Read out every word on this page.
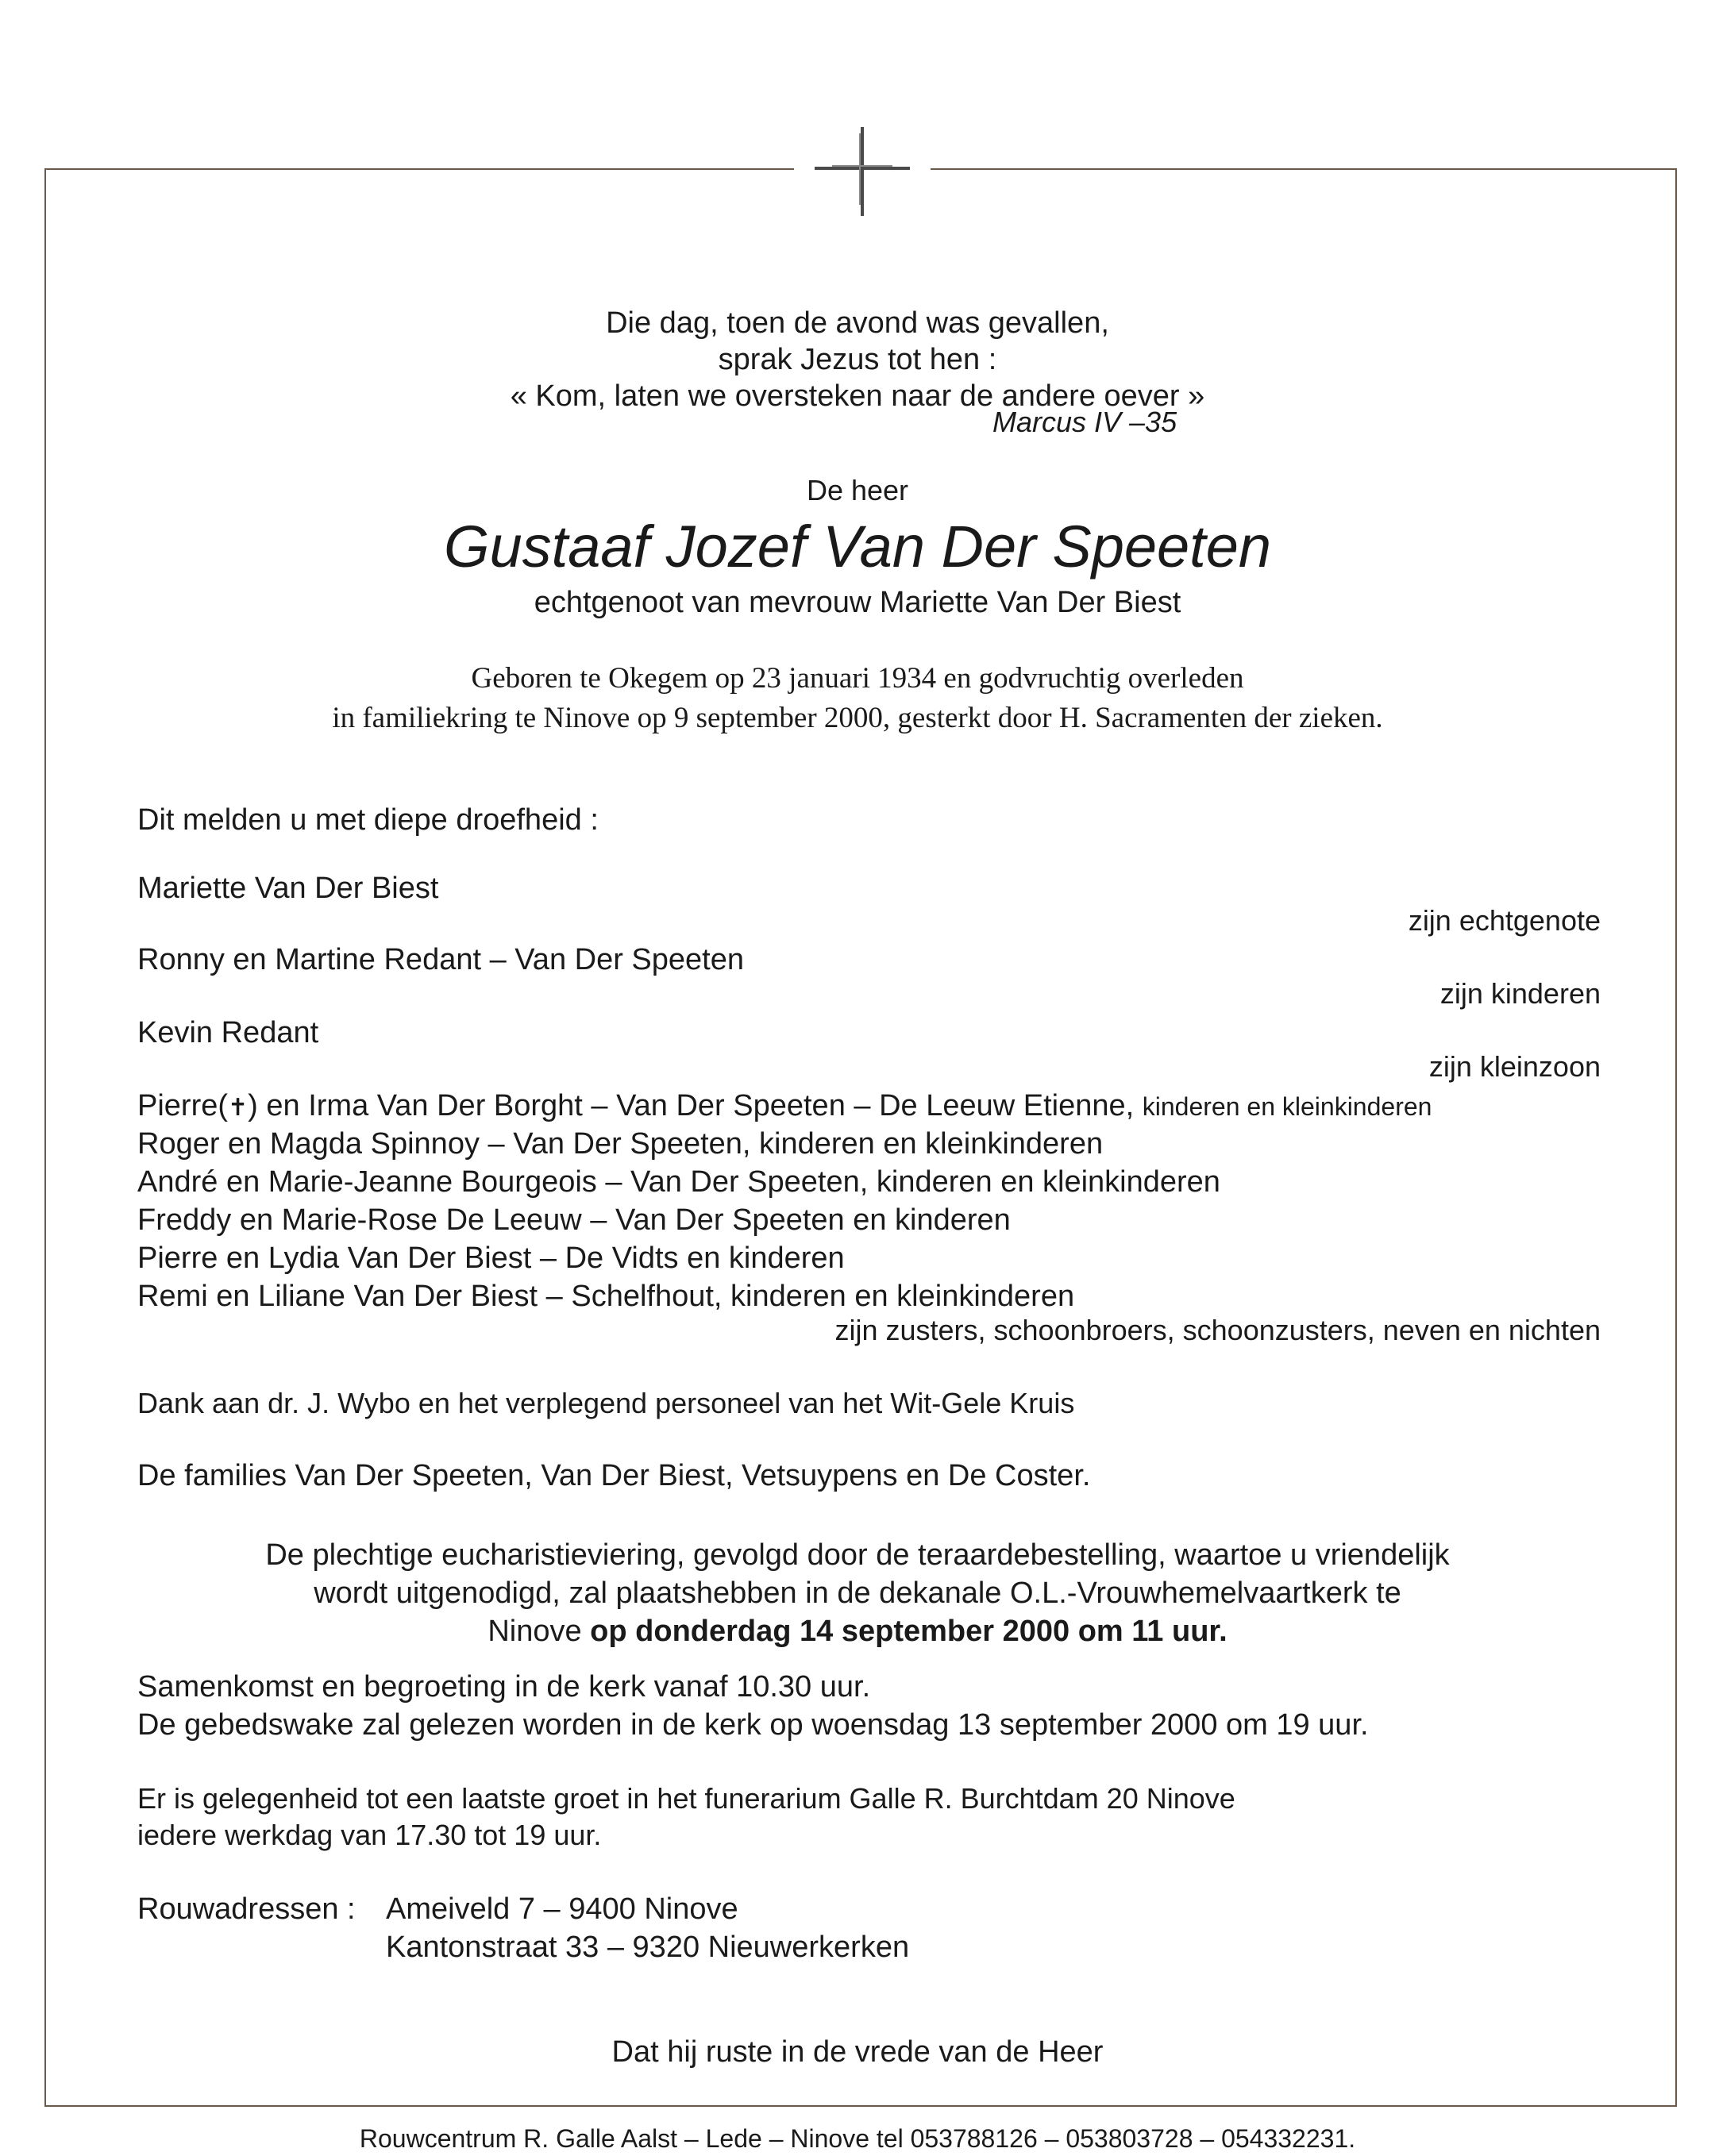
Die dag, toen de avond was gevallen,
sprak Jezus tot hen :
« Kom, laten we oversteken naar de andere oever »
Marcus IV –35
De heer
Gustaaf Jozef Van Der Speeten
echtgenoot van mevrouw Mariette Van Der Biest
Geboren te Okegem op 23 januari 1934 en godvruchtig overleden
in familiekring te Ninove op 9 september 2000, gesterkt door H. Sacramenten der zieken.
Dit melden u met diepe droefheid :
Mariette Van Der Biest
zijn echtgenote
Ronny en Martine Redant – Van Der Speeten
zijn kinderen
Kevin Redant
zijn kleinzoon
Pierre(✝) en Irma Van Der Borght – Van Der Speeten – De Leeuw Etienne, kinderen en kleinkinderen
Roger en Magda Spinnoy – Van Der Speeten, kinderen en kleinkinderen
André en Marie-Jeanne Bourgeois – Van Der Speeten, kinderen en kleinkinderen
Freddy en Marie-Rose De Leeuw – Van Der Speeten en kinderen
Pierre en Lydia Van Der Biest – De Vidts en kinderen
Remi en Liliane Van Der Biest – Schelfhout, kinderen en kleinkinderen
zijn zusters, schoonbroers, schoonzusters, neven en nichten
Dank aan dr. J. Wybo en het verplegend personeel van het Wit-Gele Kruis
De families Van Der Speeten, Van Der Biest, Vetsuypens en De Coster.
De plechtige eucharistieviering, gevolgd door de teraardebestelling, waartoe u vriendelijk
wordt uitgenodigd, zal plaatshebben in de dekanale O.L.-Vrouwhemelvaartkerk te
Ninove op donderdag 14 september 2000 om 11 uur.
Samenkomst en begroeting in de kerk vanaf 10.30 uur.
De gebedswake zal gelezen worden in de kerk op woensdag 13 september 2000 om 19 uur.
Er is gelegenheid tot een laatste groet in het funerarium Galle R. Burchtdam 20 Ninove
iedere werkdag van 17.30 tot 19 uur.
Rouwadressen : Ameiveld 7 – 9400 Ninove
Kantonstraat 33 – 9320 Nieuwerkerken
Dat hij ruste in de vrede van de Heer
Rouwcentrum R. Galle Aalst – Lede – Ninove tel 053788126 – 053803728 – 054332231.
